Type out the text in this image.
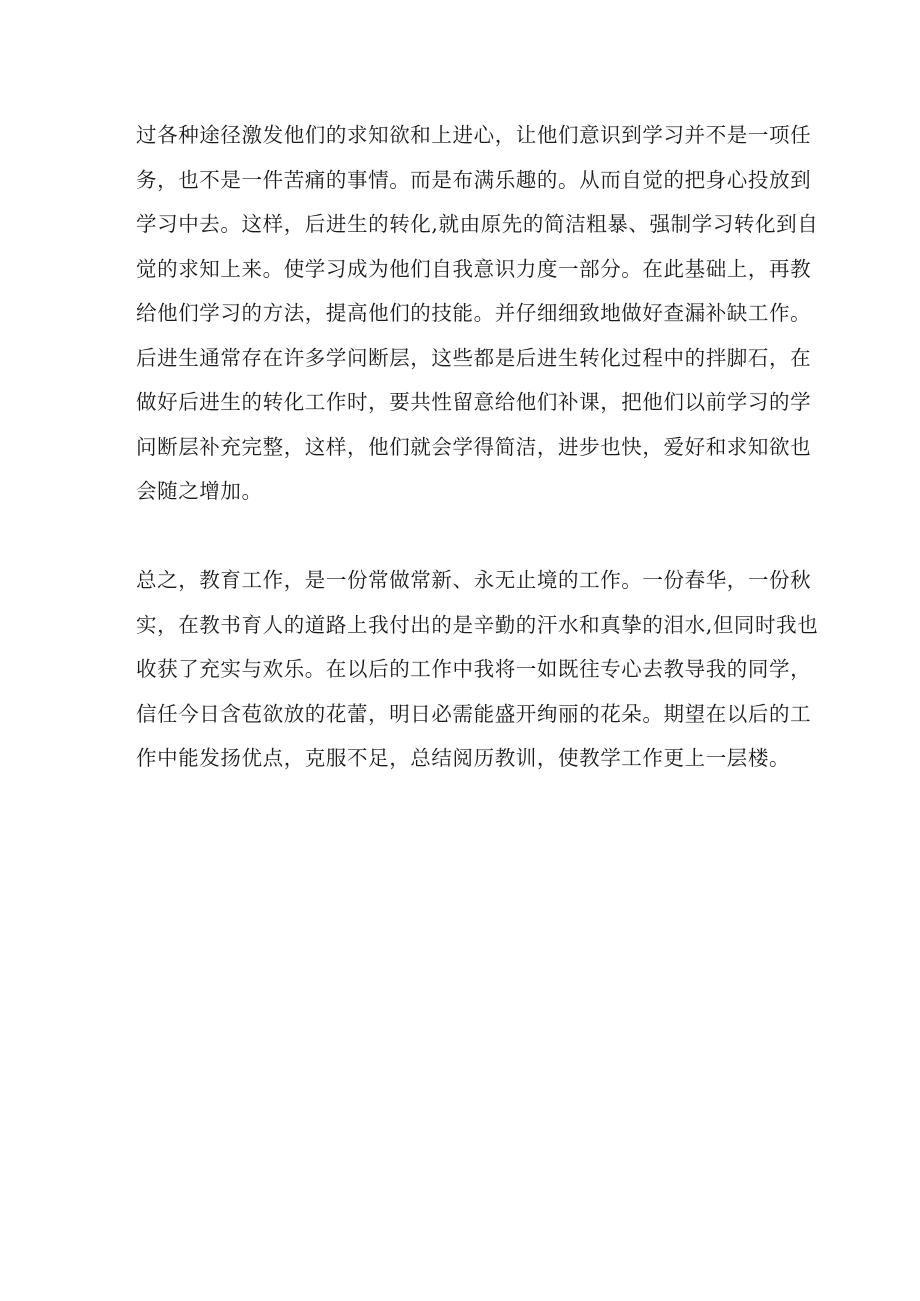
过各种途径激发他们的求知欲和上进心，让他们意识到学习并不是一项任
务，也不是一件苦痛的事情。而是布满乐趣的。从而自觉的把身心投放到
学习中去。这样，后进生的转化,就由原先的简洁粗暴、强制学习转化到自
觉的求知上来。使学习成为他们自我意识力度一部分。在此基础上，再教
给他们学习的方法，提高他们的技能。并仔细细致地做好查漏补缺工作。
后进生通常存在许多学问断层，这些都是后进生转化过程中的拌脚石，在
做好后进生的转化工作时，要共性留意给他们补课，把他们以前学习的学
问断层补充完整，这样，他们就会学得简洁，进步也快，爱好和求知欲也
会随之增加。
总之，教育工作，是一份常做常新、永无止境的工作。一份春华，一份秋
实，在教书育人的道路上我付出的是辛勤的汗水和真挚的泪水,但同时我也
收获了充实与欢乐。在以后的工作中我将一如既往专心去教导我的同学，
信任今日含苞欲放的花蕾，明日必需能盛开绚丽的花朵。期望在以后的工
作中能发扬优点，克服不足，总结阅历教训，使教学工作更上一层楼。
